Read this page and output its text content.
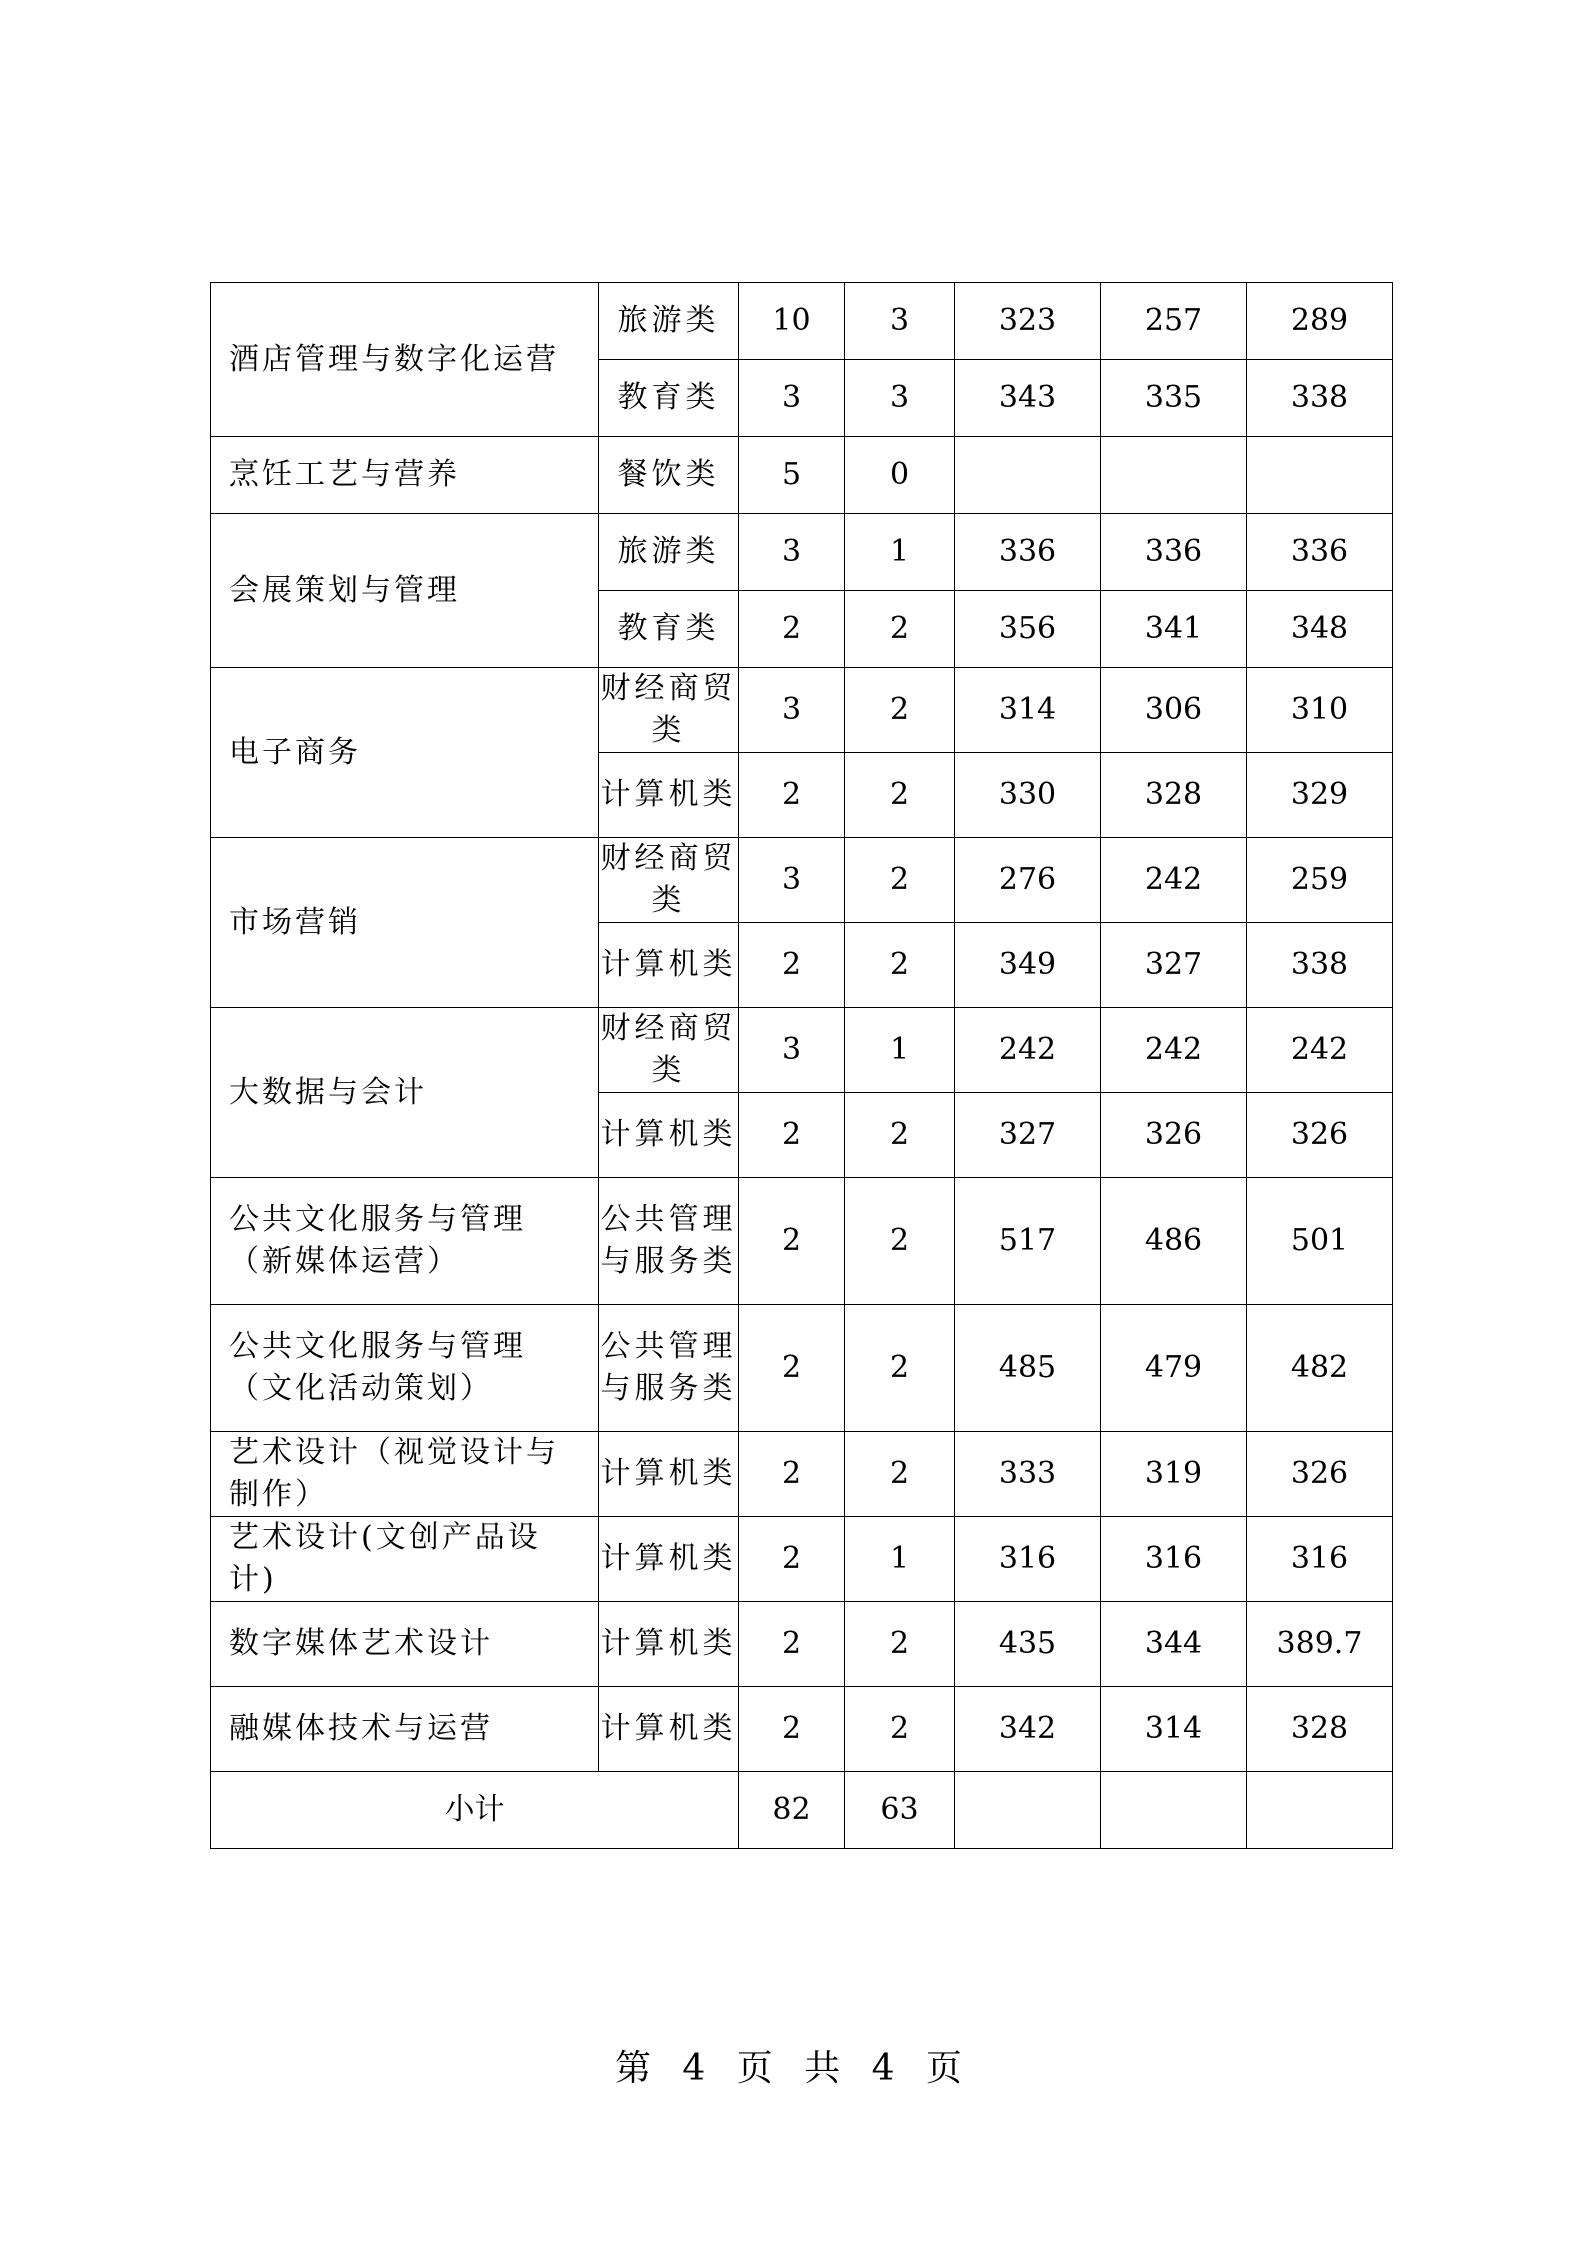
酒店管理与数字化运营	旅游类	10	3	323	257	289
	教育类	3	3	343	335	338
烹饪工艺与营养	餐饮类	5	0			
会展策划与管理	旅游类	3	1	336	336	336
	教育类	2	2	356	341	348
电子商务	财经商贸类	3	2	314	306	310
	计算机类	2	2	330	328	329
市场营销	财经商贸类	3	2	276	242	259
	计算机类	2	2	349	327	338
大数据与会计	财经商贸类	3	1	242	242	242
	计算机类	2	2	327	326	326
公共文化服务与管理（新媒体运营）	公共管理与服务类	2	2	517	486	501
公共文化服务与管理（文化活动策划）	公共管理与服务类	2	2	485	479	482
艺术设计（视觉设计与制作）	计算机类	2	2	333	319	326
艺术设计(文创产品设计)	计算机类	2	1	316	316	316
数字媒体艺术设计	计算机类	2	2	435	344	389.7
融媒体技术与运营	计算机类	2	2	342	314	328
小计		82	63			
第 4 页 共 4 页
